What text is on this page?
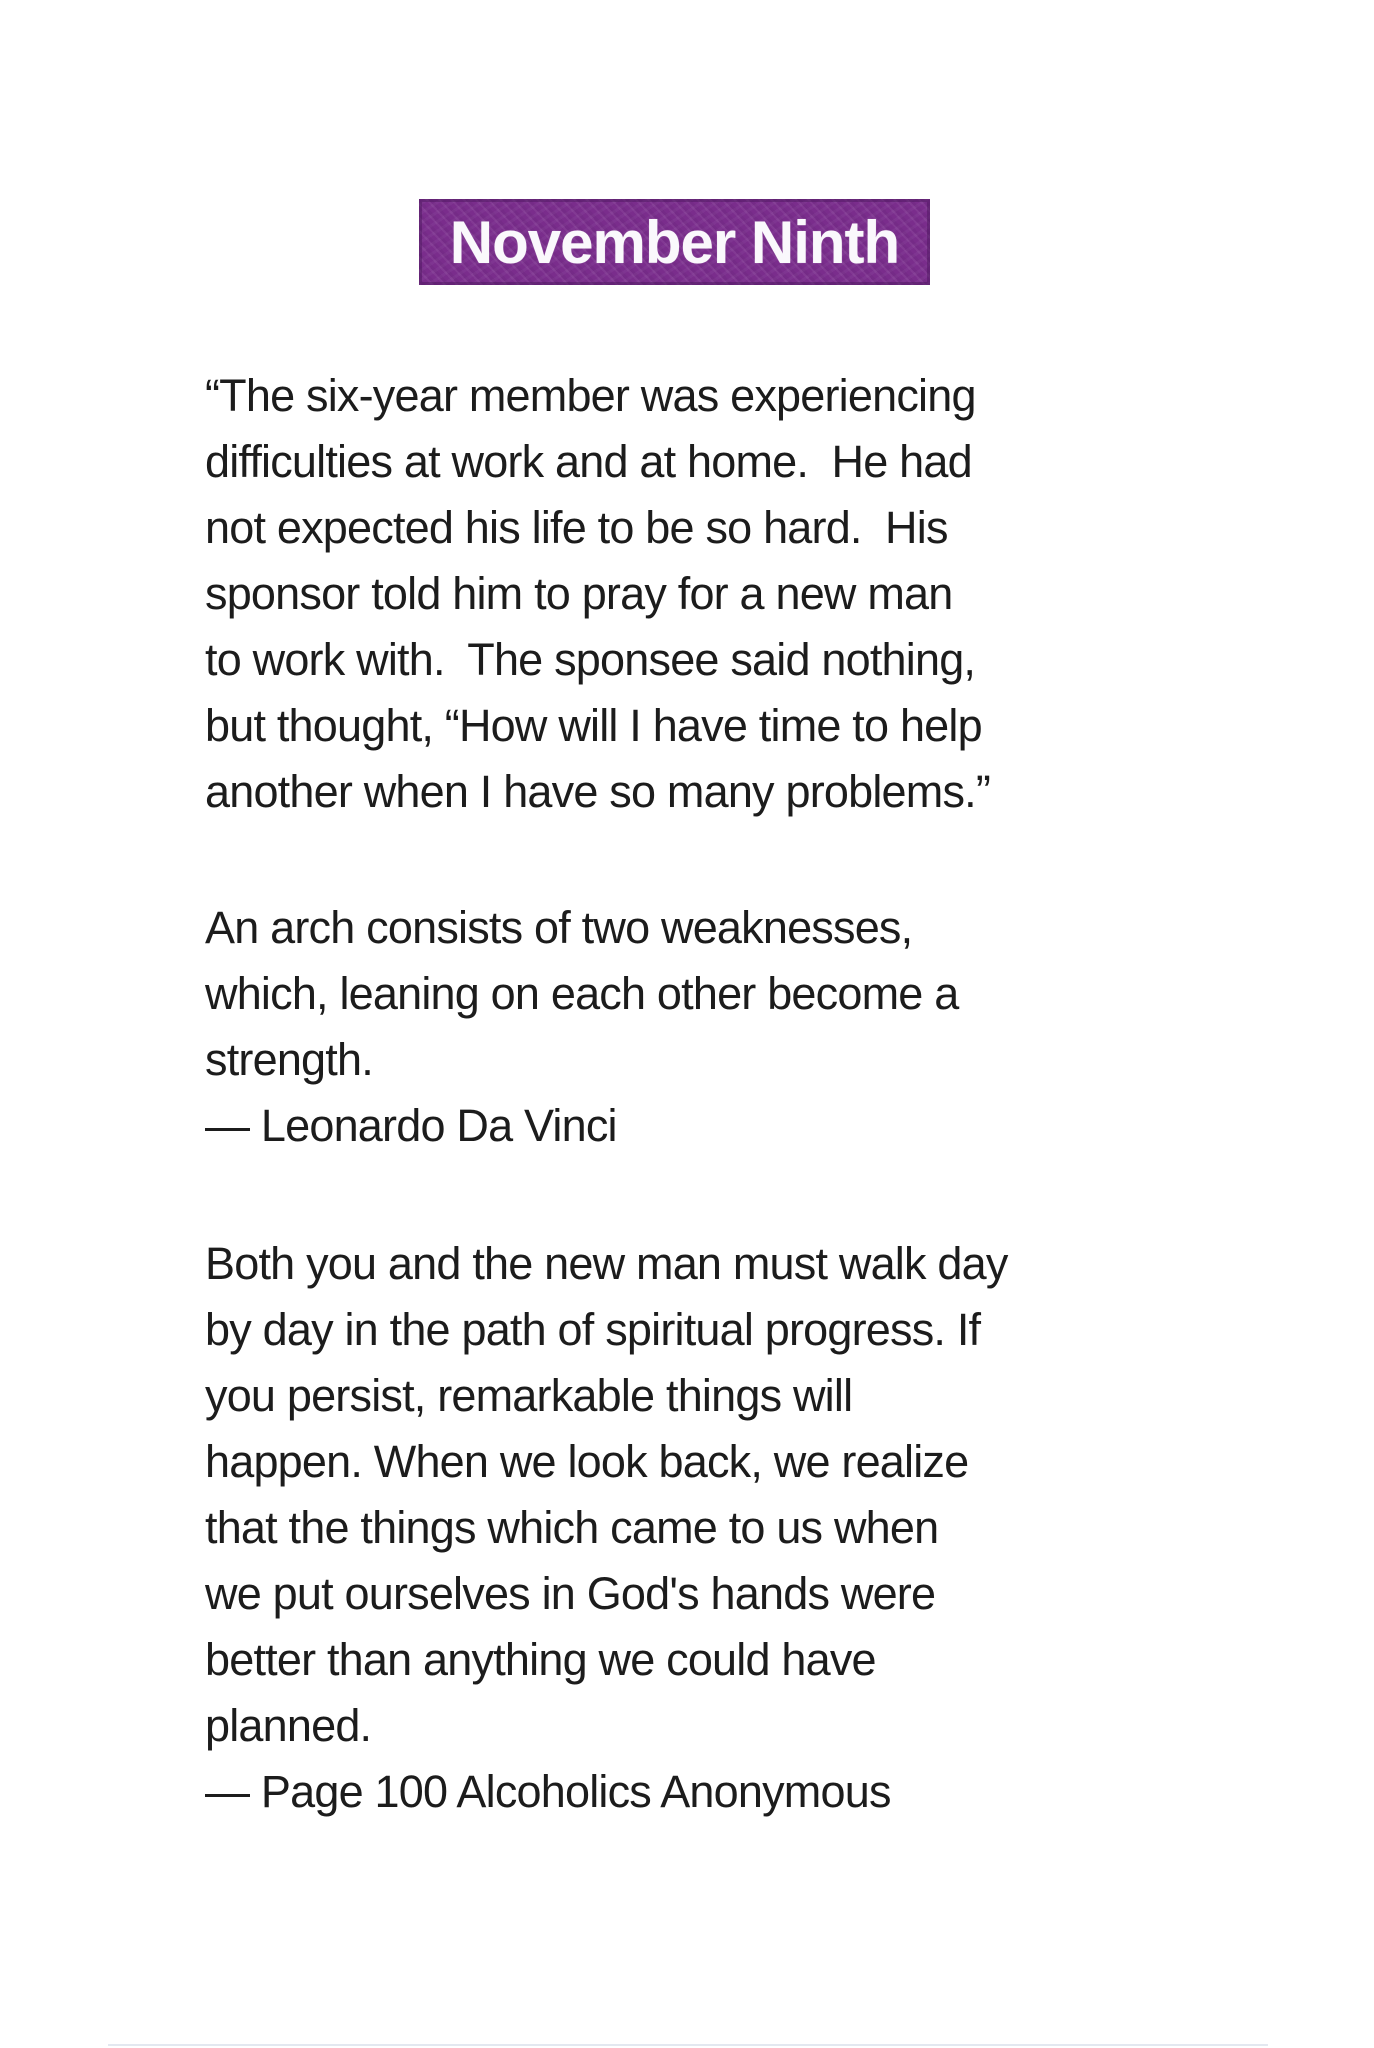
November Ninth
“The six-year member was experiencing
difficulties at work and at home.  He had
not expected his life to be so hard.  His
sponsor told him to pray for a new man
to work with.  The sponsee said nothing,
but thought, “How will I have time to help
another when I have so many problems.”
An arch consists of two weaknesses,
which, leaning on each other become a
strength.
— Leonardo Da Vinci
Both you and the new man must walk day
by day in the path of spiritual progress. If
you persist, remarkable things will
happen. When we look back, we realize
that the things which came to us when
we put ourselves in God's hands were
better than anything we could have
planned.
— Page 100 Alcoholics Anonymous
